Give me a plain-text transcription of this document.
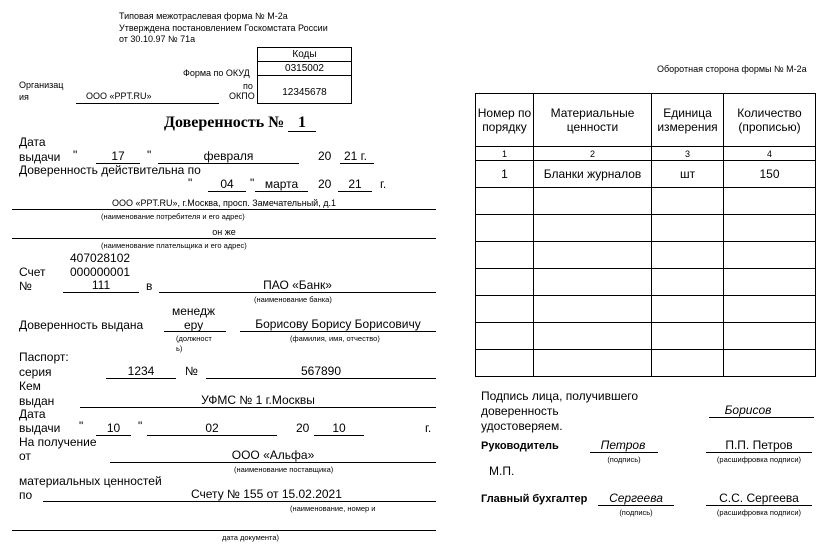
Типовая межотраслевая форма № М-2а
Утверждена постановлением Госкомстата России
от 30.10.97 № 71а
Оборотная сторона формы № М-2а
Коды
0315002
12345678
Форма по ОКУД
по
ОКПО
Организац
ия	ООО «PPT.RU»
Доверенность № 1
Дата
выдачи "	17	"	февраля	20 21 г.
Доверенность действительна по
"	04	" марта	20	21	г.
ООО «PPT.RU», г.Москва, просп. Замечательный, д.1
(наименование потребителя и его адрес)
он же
(наименование плательщика и его адрес)
407028102
000000001
Счет
№	111	в	ПАО «Банк»
(наименование банка)
Доверенность выдана
менедж
еру
(должност
ь)
Борисову Борису Борисовичу
(фамилия, имя, отчество)
Паспорт:
серия	1234	№	567890
Кем
выдан	УФМС № 1 г.Москвы
Дата
выдачи "	10	"	02	20	10	г.
На получение
от	ООО «Альфа»
(наименование поставщика)
материальных ценностей
по	Счету № 155 от 15.02.2021
(наименование, номер и
дата документа)
Номер по порядку	Материальные ценности	Единица измерения	Количество (прописью)
1	2	3	4
1	Бланки журналов	шт	150

Подпись лица, получившего
доверенность
удостоверяем.
Борисов
Руководитель	Петров
(подпись)
П.П. Петров
(расшифровка подписи)
М.П.
Главный бухгалтер	Сергеева
(подпись)
С.С. Сергеева
(расшифровка подписи)
